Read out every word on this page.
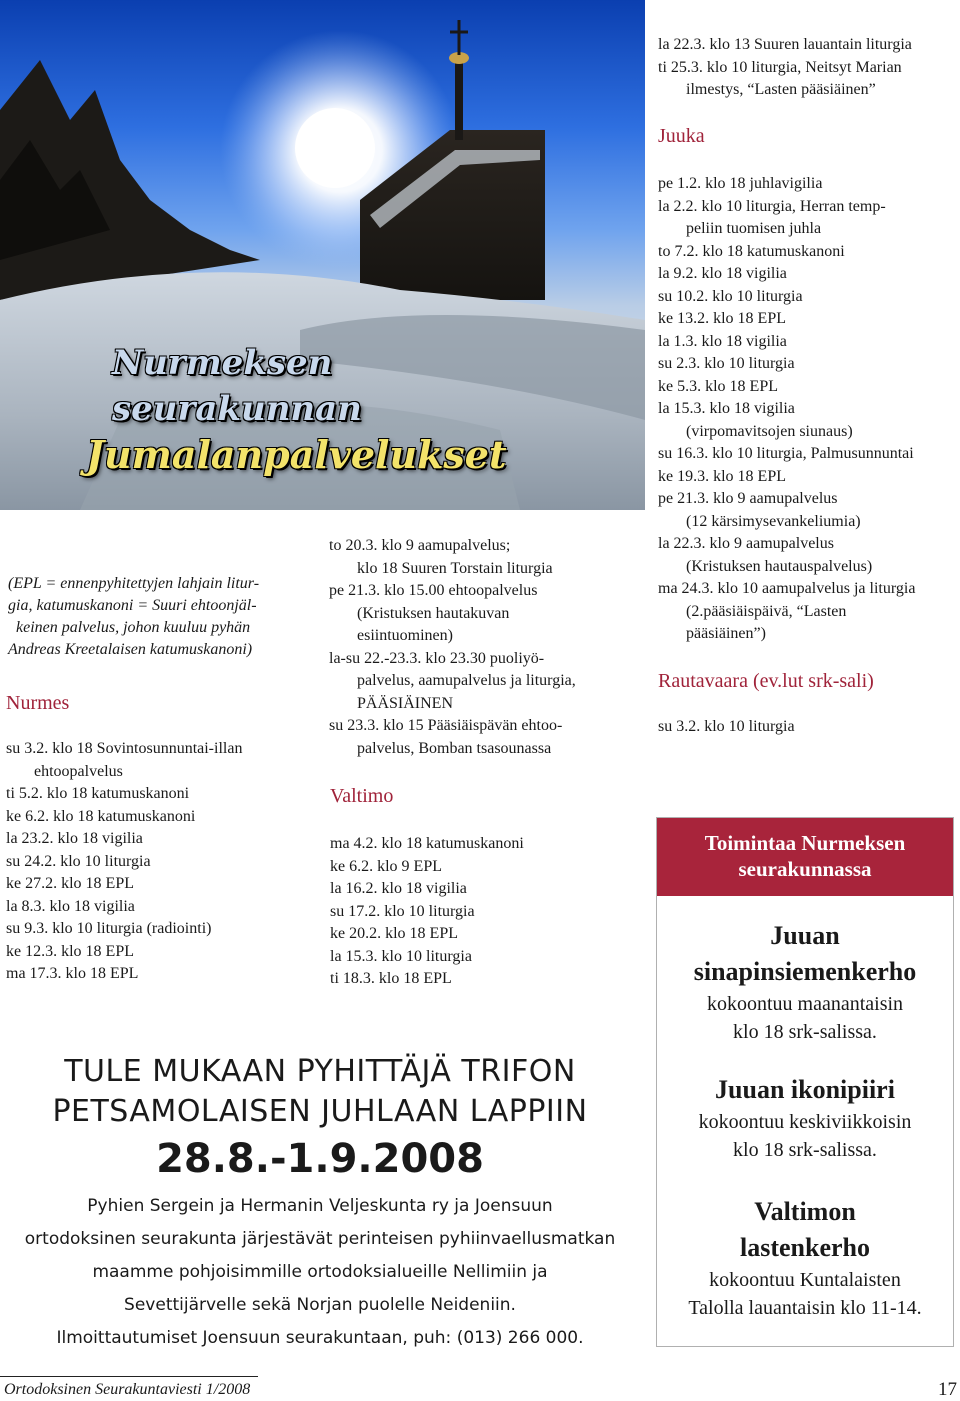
Nurmeksen
seurakunnan
Jumalanpalvelukset
la 22.3. klo 13 Suuren lauantain liturgia
ti 25.3. klo 10 liturgia, Neitsyt Marian
ilmestys, “Lasten pääsiäinen”
Juuka
pe 1.2. klo 18 juhlavigilia
la 2.2. klo 10 liturgia, Herran temp-
peliin tuomisen juhla
to 7.2. klo 18 katumuskanoni
la 9.2. klo 18 vigilia
su 10.2. klo 10 liturgia
ke 13.2. klo 18 EPL
la 1.3. klo 18 vigilia
su 2.3. klo 10 liturgia
ke 5.3. klo 18 EPL
la 15.3. klo 18 vigilia
(virpomavitsojen siunaus)
su 16.3. klo 10 liturgia, Palmusunnuntai
ke 19.3. klo 18 EPL
pe 21.3. klo 9 aamupalvelus
(12 kärsimysevankeliumia)
la 22.3. klo 9 aamupalvelus
(Kristuksen hautauspalvelus)
ma 24.3. klo 10 aamupalvelus ja liturgia
(2.pääsiäispäivä, “Lasten
pääsiäinen”)
Rautavaara (ev.lut srk-sali)
su 3.2. klo 10 liturgia
(EPL = ennenpyhitettyjen lahjain litur-
gia, katumuskanoni = Suuri ehtoonjäl-
keinen palvelus, johon kuuluu pyhän
Andreas Kreetalaisen katumuskanoni)
Nurmes
su 3.2. klo 18 Sovintosunnuntai-illan
ehtoopalvelus
ti 5.2. klo 18 katumuskanoni
ke 6.2. klo 18 katumuskanoni
la 23.2. klo 18 vigilia
su 24.2. klo 10 liturgia
ke 27.2. klo 18 EPL
la 8.3. klo 18 vigilia
su 9.3. klo 10 liturgia (radiointi)
ke 12.3. klo 18 EPL
ma 17.3. klo 18 EPL
to 20.3. klo 9 aamupalvelus;
klo 18 Suuren Torstain liturgia
pe 21.3. klo 15.00 ehtoopalvelus
(Kristuksen hautakuvan
esiintuominen)
la-su 22.-23.3. klo 23.30 puoliyö-
palvelus, aamupalvelus ja liturgia,
PÄÄSIÄINEN
su 23.3. klo 15 Pääsiäispävän ehtoo-
palvelus, Bomban tsasounassa
Valtimo
ma 4.2. klo 18 katumuskanoni
ke 6.2. klo 9 EPL
la 16.2. klo 18 vigilia
su 17.2. klo 10 liturgia
ke 20.2. klo 18 EPL
la 15.3. klo 10 liturgia
ti 18.3. klo 18 EPL
Toimintaa Nurmeksen
seurakunnassa
Juuan
sinapinsiemenkerho
kokoontuu maanantaisin
klo 18 srk-salissa.
Juuan ikonipiiri
kokoontuu keskiviikkoisin
klo 18 srk-salissa.
Valtimon
lastenkerho
kokoontuu Kuntalaisten
Talolla lauantaisin klo 11-14.
TULE MUKAAN PYHITTÄJÄ TRIFON
PETSAMOLAISEN JUHLAAN LAPPIIN
28.8.-1.9.2008
Pyhien Sergein ja Hermanin Veljeskunta ry ja Joensuun
ortodoksinen seurakunta järjestävät perinteisen pyhiinvaellusmatkan
maamme pohjoisimmille ortodoksialueille Nellimiin ja
Sevettijärvelle sekä Norjan puolelle Neideniin.
Ilmoittautumiset Joensuun seurakuntaan, puh: (013) 266 000.
Ortodoksinen Seurakuntaviesti 1/2008	17
